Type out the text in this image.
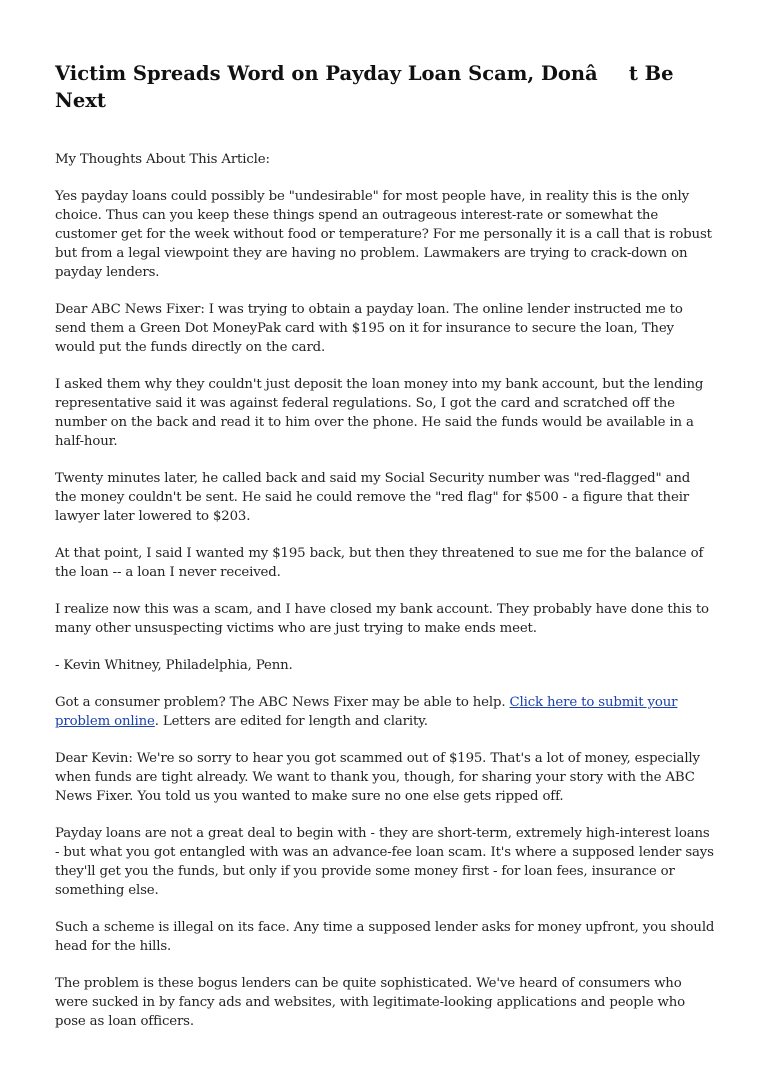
Victim Spreads Word on Payday Loan Scam, Donât Be Next

My Thoughts About This Article:

Yes payday loans could possibly be "undesirable" for most people have, in reality this is the only choice. Thus can you keep these things spend an outrageous interest-rate or somewhat the customer get for the week without food or temperature? For me personally it is a call that is robust but from a legal viewpoint they are having no problem. Lawmakers are trying to crack-down on payday lenders.

Dear ABC News Fixer: I was trying to obtain a payday loan. The online lender instructed me to send them a Green Dot MoneyPak card with $195 on it for insurance to secure the loan, They would put the funds directly on the card.

I asked them why they couldn't just deposit the loan money into my bank account, but the lending representative said it was against federal regulations. So, I got the card and scratched off the number on the back and read it to him over the phone. He said the funds would be available in a half-hour.

Twenty minutes later, he called back and said my Social Security number was "red-flagged" and the money couldn't be sent. He said he could remove the "red flag" for $500 - a figure that their lawyer later lowered to $203.

At that point, I said I wanted my $195 back, but then they threatened to sue me for the balance of the loan -- a loan I never received.

I realize now this was a scam, and I have closed my bank account. They probably have done this to many other unsuspecting victims who are just trying to make ends meet.

- Kevin Whitney, Philadelphia, Penn.

Got a consumer problem? The ABC News Fixer may be able to help. Click here to submit your problem online. Letters are edited for length and clarity.

Dear Kevin: We're so sorry to hear you got scammed out of $195. That's a lot of money, especially when funds are tight already. We want to thank you, though, for sharing your story with the ABC News Fixer. You told us you wanted to make sure no one else gets ripped off.

Payday loans are not a great deal to begin with - they are short-term, extremely high-interest loans - but what you got entangled with was an advance-fee loan scam. It's where a supposed lender says they'll get you the funds, but only if you provide some money first - for loan fees, insurance or something else.

Such a scheme is illegal on its face. Any time a supposed lender asks for money upfront, you should head for the hills.

The problem is these bogus lenders can be quite sophisticated. We've heard of consumers who were sucked in by fancy ads and websites, with legitimate-looking applications and people who pose as loan officers.
